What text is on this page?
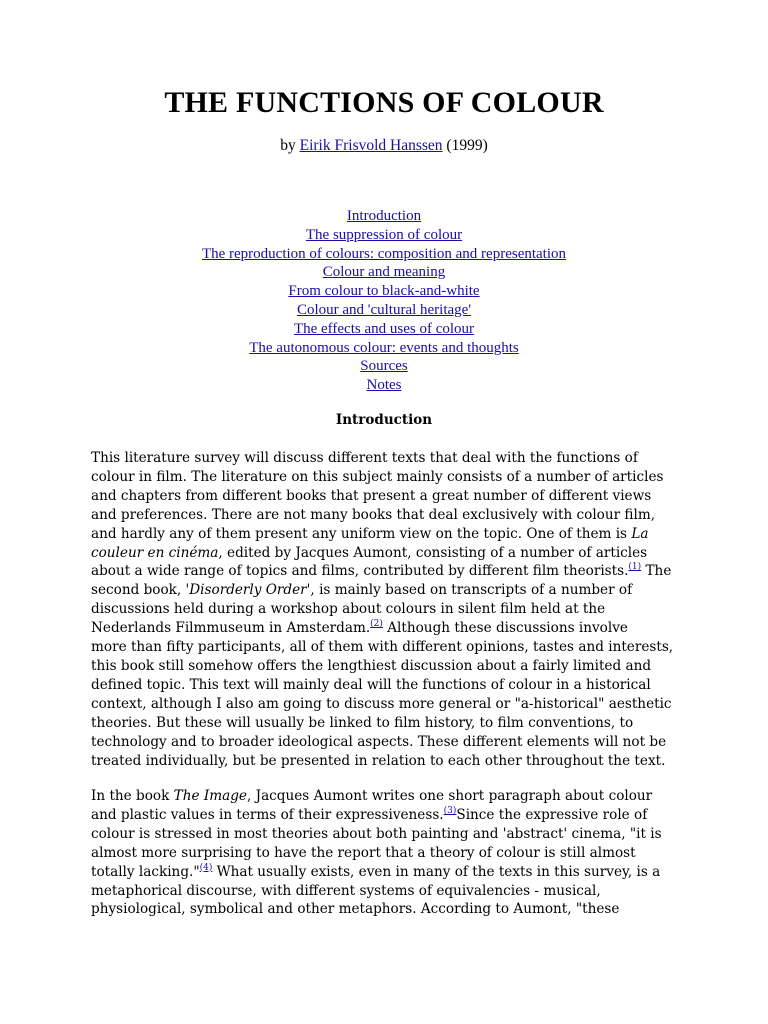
THE FUNCTIONS OF COLOUR
by Eirik Frisvold Hanssen (1999)
Introduction
The suppression of colour
The reproduction of colours: composition and representation
Colour and meaning
From colour to black-and-white
Colour and 'cultural heritage'
The effects and uses of colour
The autonomous colour: events and thoughts
Sources
Notes
Introduction

This literature survey will discuss different texts that deal with the functions of
colour in film. The literature on this subject mainly consists of a number of articles
and chapters from different books that present a great number of different views
and preferences. There are not many books that deal exclusively with colour film,
and hardly any of them present any uniform view on the topic. One of them is La
couleur en cinéma, edited by Jacques Aumont, consisting of a number of articles
about a wide range of topics and films, contributed by different film theorists.$^{(1)}$ The
second book, 'Disorderly Order', is mainly based on transcripts of a number of
discussions held during a workshop about colours in silent film held at the
Nederlands Filmmuseum in Amsterdam.$^{(2)}$ Although these discussions involve
more than fifty participants, all of them with different opinions, tastes and interests,
this book still somehow offers the lengthiest discussion about a fairly limited and
defined topic. This text will mainly deal will the functions of colour in a historical
context, although I also am going to discuss more general or "a-historical" aesthetic
theories. But these will usually be linked to film history, to film conventions, to
technology and to broader ideological aspects. These different elements will not be
treated individually, but be presented in relation to each other throughout the text.

In the book The Image, Jacques Aumont writes one short paragraph about colour
and plastic values in terms of their expressiveness.$^{(3)}$Since the expressive role of
colour is stressed in most theories about both painting and 'abstract' cinema, "it is
almost more surprising to have the report that a theory of colour is still almost
totally lacking."$^{(4)}$ What usually exists, even in many of the texts in this survey, is a
metaphorical discourse, with different systems of equivalencies - musical,
physiological, symbolical and other metaphors. According to Aumont, "these
